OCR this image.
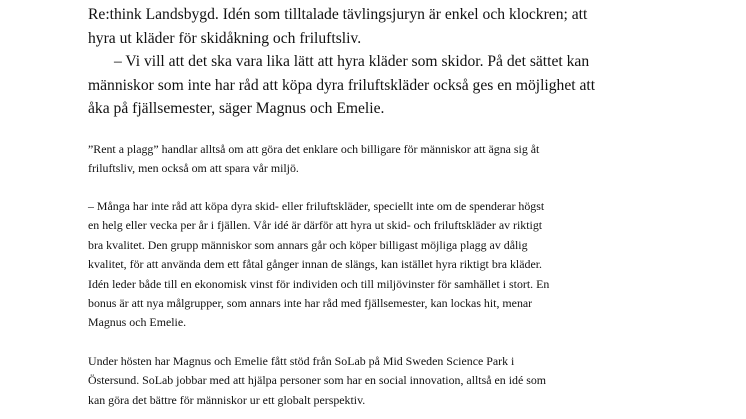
Re:think Landsbygd. Idén som tilltalade tävlingsjuryn är enkel och klockren; att
hyra ut kläder för skidåkning och friluftsliv.
– Vi vill att det ska vara lika lätt att hyra kläder som skidor. På det sättet kan
människor som inte har råd att köpa dyra friluftskläder också ges en möjlighet att
åka på fjällsemester, säger Magnus och Emelie.

”Rent a plagg” handlar alltså om att göra det enklare och billigare för människor att ägna sig åt
friluftsliv, men också om att spara vår miljö.

– Många har inte råd att köpa dyra skid- eller friluftskläder, speciellt inte om de spenderar högst
en helg eller vecka per år i fjällen. Vår idé är därför att hyra ut skid- och friluftskläder av riktigt
bra kvalitet. Den grupp människor som annars går och köper billigast möjliga plagg av dålig
kvalitet, för att använda dem ett fåtal gånger innan de slängs, kan istället hyra riktigt bra kläder.
Idén leder både till en ekonomisk vinst för individen och till miljövinster för samhället i stort. En
bonus är att nya målgrupper, som annars inte har råd med fjällsemester, kan lockas hit, menar
Magnus och Emelie.

Under hösten har Magnus och Emelie fått stöd från SoLab på Mid Sweden Science Park i
Östersund. SoLab jobbar med att hjälpa personer som har en social innovation, alltså en idé som
kan göra det bättre för människor ur ett globalt perspektiv.
